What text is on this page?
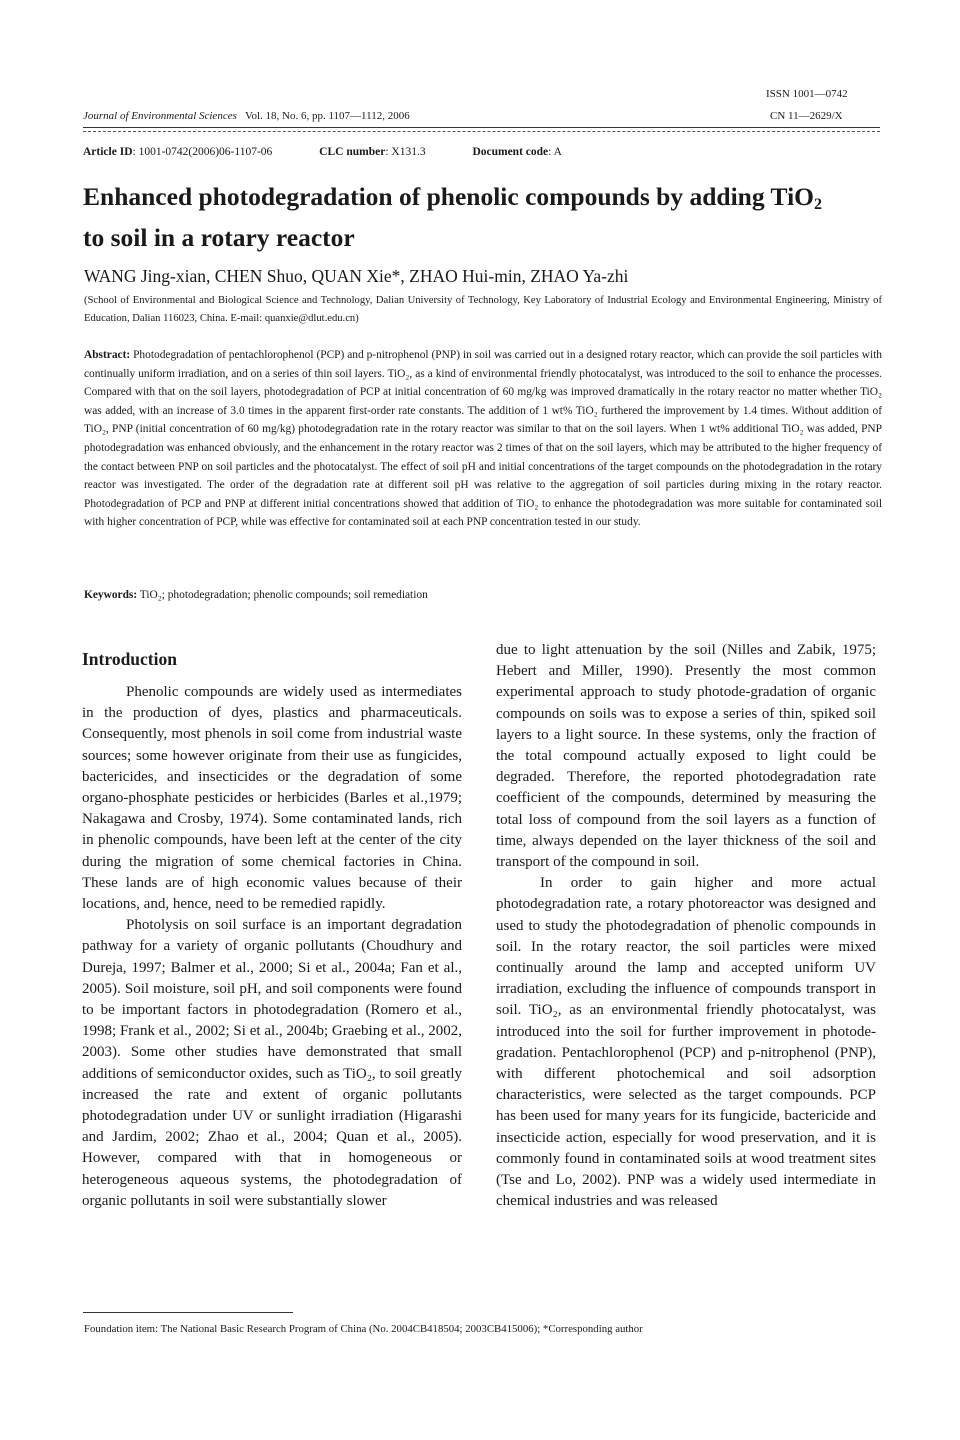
ISSN 1001—0742
CN 11—2629/X
Journal of Environmental Sciences Vol. 18, No. 6, pp. 1107—1112, 2006
Article ID: 1001-0742(2006)06-1107-06	CLC number: X131.3	Document code: A
Enhanced photodegradation of phenolic compounds by adding TiO$_2$
to soil in a rotary reactor
WANG Jing-xian, CHEN Shuo, QUAN Xie*, ZHAO Hui-min, ZHAO Ya-zhi
(School of Environmental and Biological Science and Technology, Dalian University of Technology, Key Laboratory of Industrial Ecology and Environmental Engineering, Ministry of Education, Dalian 116023, China. E-mail: quanxie@dlut.edu.cn)
Abstract: Photodegradation of pentachlorophenol (PCP) and p-nitrophenol (PNP) in soil was carried out in a designed rotary reactor, which can provide the soil particles with continually uniform irradiation, and on a series of thin soil layers. TiO₂, as a kind of environmental friendly photocatalyst, was introduced to the soil to enhance the processes. Compared with that on the soil layers, photodegradation of PCP at initial concentration of 60 mg/kg was improved dramatically in the rotary reactor no matter whether TiO₂ was added, with an increase of 3.0 times in the apparent first-order rate constants. The addition of 1 wt% TiO₂ furthered the improvement by 1.4 times. Without addition of TiO₂, PNP (initial concentration of 60 mg/kg) photodegradation rate in the rotary reactor was similar to that on the soil layers. When 1 wt% additional TiO₂ was added, PNP photodegradation was enhanced obviously, and the enhancement in the rotary reactor was 2 times of that on the soil layers, which may be attributed to the higher frequency of the contact between PNP on soil particles and the photocatalyst. The effect of soil pH and initial concentrations of the target compounds on the photodegradation in the rotary reactor was investigated. The order of the degradation rate at different soil pH was relative to the aggregation of soil particles during mixing in the rotary reactor. Photodegradation of PCP and PNP at different initial concentrations showed that addition of TiO₂ to enhance the photodegradation was more suitable for contaminated soil with higher concentration of PCP, while was effective for contaminated soil at each PNP concentration tested in our study.
Keywords: TiO₂; photodegradation; phenolic compounds; soil remediation
Introduction

Phenolic compounds are widely used as intermediates in the production of dyes, plastics and pharmaceuticals. Consequently, most phenols in soil come from industrial waste sources; some however originate from their use as fungicides, bactericides, and insecticides or the degradation of some organo-phosphate pesticides or herbicides (Barles et al.,1979; Nakagawa and Crosby, 1974). Some contaminated lands, rich in phenolic compounds, have been left at the center of the city during the migration of some chemical factories in China. These lands are of high economic values because of their locations, and, hence, need to be remedied rapidly.

Photolysis on soil surface is an important degradation pathway for a variety of organic pollutants (Choudhury and Dureja, 1997; Balmer et al., 2000; Si et al., 2004a; Fan et al., 2005). Soil moisture, soil pH, and soil components were found to be important factors in photodegradation (Romero et al., 1998; Frank et al., 2002; Si et al., 2004b; Graebing et al., 2002, 2003). Some other studies have demonstrated that small additions of semiconductor oxides, such as TiO₂, to soil greatly increased the rate and extent of organic pollutants photodegradation under UV or sunlight irradiation (Higarashi and Jardim, 2002; Zhao et al., 2004; Quan et al., 2005). However, compared with that in homogeneous or heterogeneous aqueous systems, the photodegradation of organic pollutants in soil were substantially slower

due to light attenuation by the soil (Nilles and Zabik, 1975; Hebert and Miller, 1990). Presently the most common experimental approach to study photode-gradation of organic compounds on soils was to expose a series of thin, spiked soil layers to a light source. In these systems, only the fraction of the total compound actually exposed to light could be degraded. Therefore, the reported photodegradation rate coefficient of the compounds, determined by measuring the total loss of compound from the soil layers as a function of time, always depended on the layer thickness of the soil and transport of the compound in soil.

In order to gain higher and more actual photodegradation rate, a rotary photoreactor was designed and used to study the photodegradation of phenolic compounds in soil. In the rotary reactor, the soil particles were mixed continually around the lamp and accepted uniform UV irradiation, excluding the influence of compounds transport in soil. TiO₂, as an environmental friendly photocatalyst, was introduced into the soil for further improvement in photode-gradation. Pentachlorophenol (PCP) and p-nitrophenol (PNP), with different photochemical and soil adsorption characteristics, were selected as the target compounds. PCP has been used for many years for its fungicide, bactericide and insecticide action, especially for wood preservation, and it is commonly found in contaminated soils at wood treatment sites (Tse and Lo, 2002). PNP was a widely used intermediate in chemical industries and was released

Foundation item: The National Basic Research Program of China (No. 2004CB418504; 2003CB415006); *Corresponding author
